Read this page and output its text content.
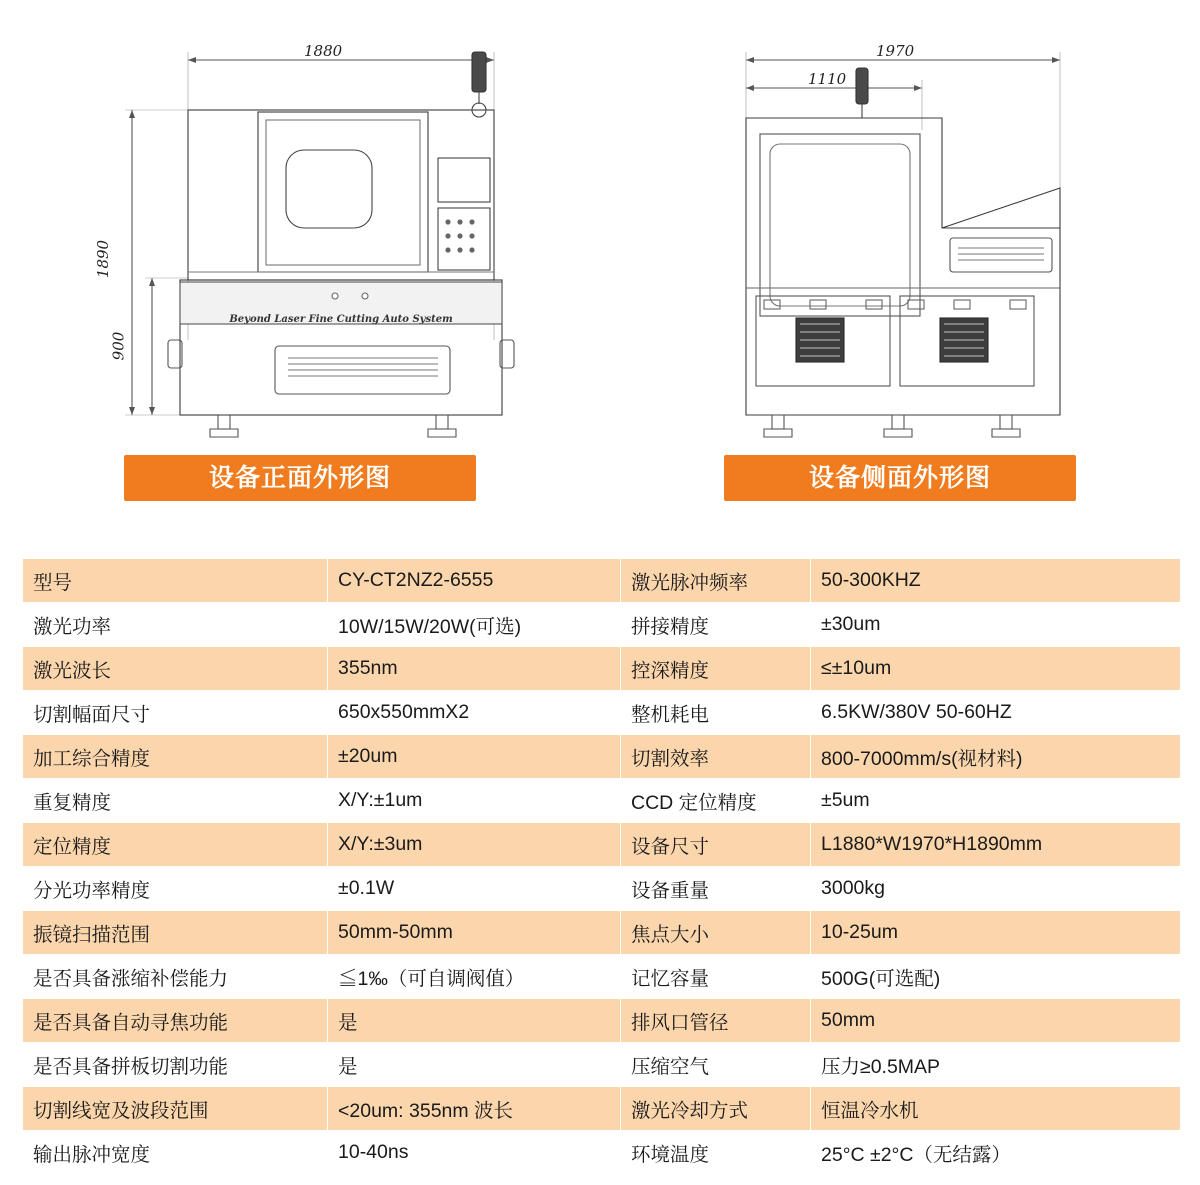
Beyond Laser Fine Cutting Auto System
1880
1890
900
1970
1110
设备正面外形图	设备侧面外形图
型号	CY-CT2NZ2-6555	激光脉冲频率	50-300KHZ
激光功率	10W/15W/20W(可选)	拼接精度	±30um
激光波长	355nm	控深精度	≤±10um
切割幅面尺寸	650x550mmX2	整机耗电	6.5KW/380V 50-60HZ
加工综合精度	±20um	切割效率	800-7000mm/s(视材料)
重复精度	X/Y:±1um	CCD 定位精度	±5um
定位精度	X/Y:±3um	设备尺寸	L1880*W1970*H1890mm
分光功率精度	±0.1W	设备重量	3000kg
振镜扫描范围	50mm-50mm	焦点大小	10-25um
是否具备涨缩补偿能力	≦1‰（可自调阀值）	记忆容量	500G(可选配)
是否具备自动寻焦功能	是	排风口管径	50mm
是否具备拼板切割功能	是	压缩空气	压力≥0.5MAP
切割线宽及波段范围	<20um: 355nm 波长	激光冷却方式	恒温冷水机
输出脉冲宽度	10-40ns	环境温度	25°C ±2°C（无结露）
